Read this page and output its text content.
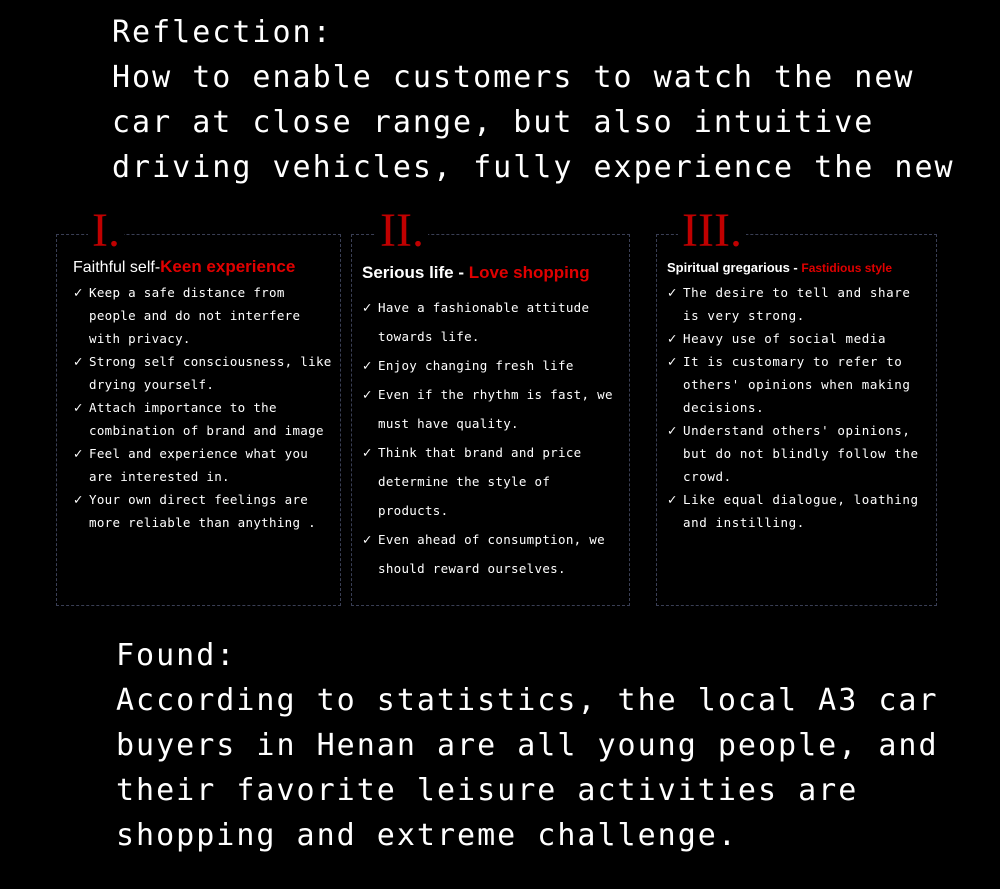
Reflection:
How to enable customers to watch the new
car at close range, but also intuitive
driving vehicles, fully experience the new
Faithful self-Keen experience
✓ Keep a safe distance from people and do not interfere with privacy.
✓ Strong self consciousness, like drying yourself.
✓ Attach importance to the combination of brand and image
✓ Feel and experience what you are interested in.
✓ Your own direct feelings are more reliable than anything .
I.
Serious life - Love shopping
✓ Have a fashionable attitude towards life.
✓ Enjoy changing fresh life
✓ Even if the rhythm is fast, we must have quality.
✓ Think that brand and price determine the style of products.
✓ Even ahead of consumption, we should reward ourselves.
II.
Spiritual gregarious - Fastidious style
✓ The desire to tell and share is very strong.
✓ Heavy use of social media
✓ It is customary to refer to others' opinions when making decisions.
✓ Understand others' opinions, but do not blindly follow the crowd.
✓ Like equal dialogue, loathing and instilling.
III.
Found:
According to statistics, the local A3 car
buyers in Henan are all young people, and
their favorite leisure activities are
shopping and extreme challenge.
